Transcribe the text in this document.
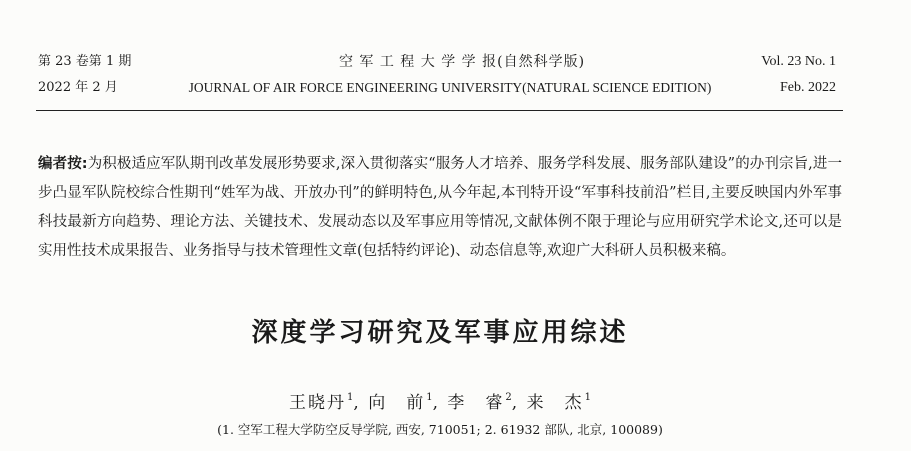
第 23 卷第 1 期
2022 年 2 月
空 军 工 程 大 学 学 报(自然科学版)
JOURNAL OF AIR FORCE ENGINEERING UNIVERSITY(NATURAL SCIENCE EDITION)
Vol. 23 No. 1
Feb. 2022
编者按:为积极适应军队期刊改革发展形势要求,深入贯彻落实“服务人才培养、服务学科发展、服务部队建设”的办刊宗旨,进一步凸显军队院校综合性期刊“姓军为战、开放办刊”的鲜明特色,从今年起,本刊特开设“军事科技前沿”栏目,主要反映国内外军事科技最新方向趋势、理论方法、关键技术、发展动态以及军事应用等情况,文献体例不限于理论与应用研究学术论文,还可以是实用性技术成果报告、业务指导与技术管理性文章(包括特约评论)、动态信息等,欢迎广大科研人员积极来稿。
深度学习研究及军事应用综述
王晓丹$^1$, 向　前$^1$, 李　睿$^2$, 来　杰$^1$
(1. 空军工程大学防空反导学院, 西安, 710051; 2. 61932 部队, 北京, 100089)
